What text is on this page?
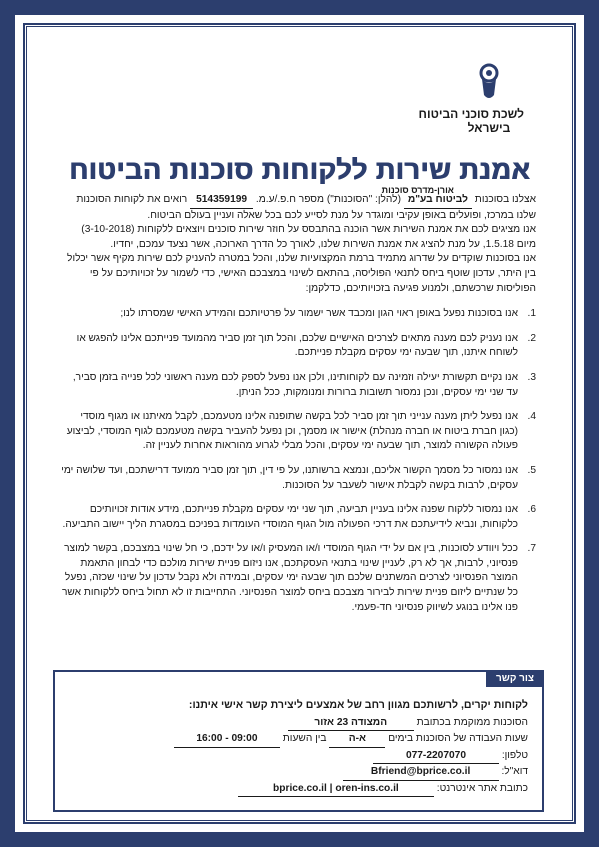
לשכת סוכני הביטוח
בישראל
אמנת שירות ללקוחות סוכנות הביטוח
אצלנו בסוכנות
אורן-מדרס סוכנות
לביטוח בע"מ (להלן: "הסוכנות") מספר ח.פ./ע.מ. 514359199 רואים את לקוחות הסוכנות שלנו במרכז, ופועלים באופן עקיבי ומוגדר על מנת לסייע לכם בכל שאלה ועניין בעולם הביטוח.
אנו מציגים לכם את אמנת השירות אשר הוכנה בהתבסס על חוזר שירות סוכנים ויוצאים ללקוחות (3-10-2018) מיום 1.5.18, על מנת להציג את אמנת השירות שלנו, לאורך כל הדרך הארוכה, אשר נצעד עמכם, יחדיו.
אנו בסוכנות שוקדים על שדרוג מתמיד ברמת המקצועיות שלנו, והכל במטרה להעניק לכם שירות מקיף אשר יכלול בין היתר, עדכון שוטף ביחס לתנאי הפוליסה, בהתאם לשינוי במצבכם האישי, כדי לשמור על זכויותיכם על פי הפוליסות שרכשתם, ולמנוע פגיעה בזכויותיכם, כדלקמן:
1.
אנו בסוכנות נפעל באופן ראוי הגון ומכבד אשר ישמור על פרטיותכם והמידע האישי שמסרתו לנו;
2.
אנו נעניק לכם מענה מתאים לצרכים האישיים שלכם, והכל תוך זמן סביר מהמועד פנייתכם אלינו להפגש או לשוחח איתנו, תוך שבעה ימי עסקים מקבלת פנייתכם.
3.
אנו נקיים תקשורת יעילה וזמינה עם לקוחותינו, ולכן אנו נפעל לספק לכם מענה ראשוני לכל פנייה בזמן סביר, עד שני ימי עסקים, ונכן נמסור תשובות ברורות ומנומקות, ככל הניתן.
4.
אנו נפעל ליתן מענה ענייני תוך זמן סביר לכל בקשה שתופנה אלינו מטעמכם, לקבל מאיתנו או מגוף מוסדי (כגון חברת ביטוח או חברה מנהלת) אישור או מסמך, וכן נפעל להעביר בקשה מטעמכם לגוף המוסדי, לביצוע פעולה הקשורה למוצר, תוך שבעה ימי עסקים, והכל מבלי לגרוע מהוראות אחרות לעניין זה.
5.
אנו נמסור כל מסמך הקשור אליכם, ונמצא ברשותנו, על פי דין, תוך זמן סביר ממועד דרישתכם, ועד שלושה ימי עסקים, לרבות בקשה לקבלת אישור לשעבר על הסוכנות.
6.
אנו נמסור ללקוח שפנה אלינו בעניין תביעה, תוך שני ימי עסקים מקבלת פנייתכם, מידע אודות זכויותיכם כלקוחות, ונביא לידיעתכם את דרכי הפעולה מול הגוף המוסדי העומדות בפניכם במסגרת הליך יישוב התביעה.
7.
ככל ויוודע לסוכנות, בין אם על ידי הגוף המוסדי ו/או המעסיק ו/או על ידכם, כי חל שינוי במצבכם, בקשר למוצר פנסיוני, לרבות, אך לא רק, לעניין שינוי בתנאי העסקתכם, אנו ניזום פניית שירות מולכם כדי לבחון התאמת המוצר הפנסיוני לצרכים המשתנים שלכם תוך שבעה ימי עסקים, ובמידה ולא נקבל עדכון על שינוי שכזה, נפעל כל שנתיים ליזום פניית שירות לבירור מצבכם ביחס למוצר הפנסיוני. התחייבות זו לא תחול ביחס ללקוחות אשר פנו אלינו בנוגע לשיווק פנסיוני חד-פעמי.
צור קשר
לקוחות יקרים, לרשותכם מגוון רחב של אמצעים ליצירת קשר אישי איתנו:
הסוכנות ממוקמת בכתובת המצודה 23 אזור
שעות העבודה של הסוכנות בימים א-ה בין השעות 09:00 - 16:00
טלפון: 077-2207070
דוא"ל: Bfriend@bprice.co.il
כתובת אתר אינטרנט: bprice.co.il | oren-ins.co.il
